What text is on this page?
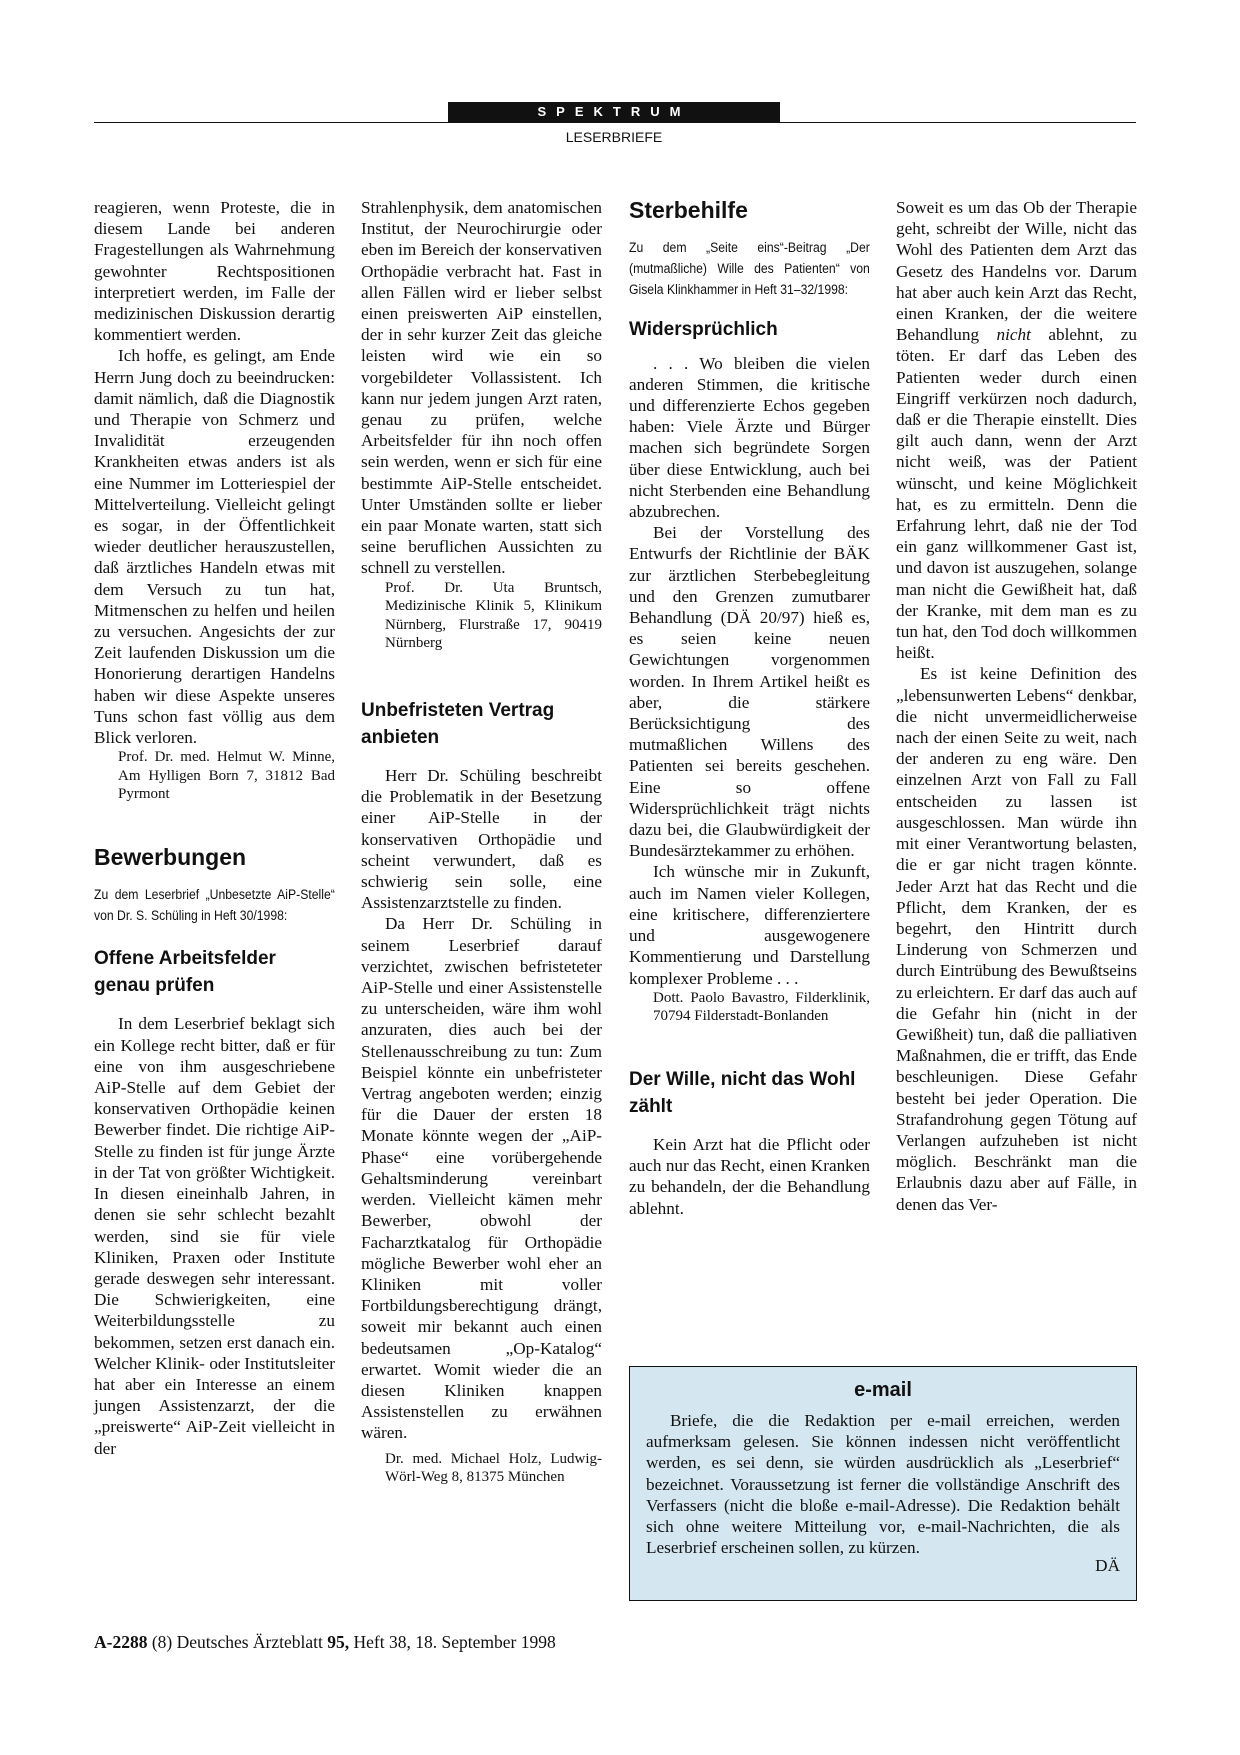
SPEKTRUM
LESERBRIEFE

reagieren, wenn Proteste, die in diesem Lande bei anderen Fragestellungen als Wahrnehmung gewohnter Rechtspositionen interpretiert werden, im Falle der medizinischen Diskussion derartig kommentiert werden.

Ich hoffe, es gelingt, am Ende Herrn Jung doch zu beeindrucken: damit nämlich, daß die Diagnostik und Therapie von Schmerz und Invalidität erzeugenden Krankheiten etwas anders ist als eine Nummer im Lotteriespiel der Mittelverteilung. Vielleicht gelingt es sogar, in der Öffentlichkeit wieder deutlicher herauszustellen, daß ärztliches Handeln etwas mit dem Versuch zu tun hat, Mitmenschen zu helfen und heilen zu versuchen. Angesichts der zur Zeit laufenden Diskussion um die Honorierung derartigen Handelns haben wir diese Aspekte unseres Tuns schon fast völlig aus dem Blick verloren.

Prof. Dr. med. Helmut W. Minne, Am Hylligen Born 7, 31812 Bad Pyrmont

Bewerbungen

Zu dem Leserbrief „Unbesetzte AiP-Stelle“ von Dr. S. Schüling in Heft 30/1998:

Offene Arbeitsfelder genau prüfen

In dem Leserbrief beklagt sich ein Kollege recht bitter, daß er für eine von ihm ausgeschriebene AiP-Stelle auf dem Gebiet der konservativen Orthopädie keinen Bewerber findet. Die richtige AiP-Stelle zu finden ist für junge Ärzte in der Tat von größter Wichtigkeit. In diesen eineinhalb Jahren, in denen sie sehr schlecht bezahlt werden, sind sie für viele Kliniken, Praxen oder Institute gerade deswegen sehr interessant. Die Schwierigkeiten, eine Weiterbildungsstelle zu bekommen, setzen erst danach ein. Welcher Klinik- oder Institutsleiter hat aber ein Interesse an einem jungen Assistenzarzt, der die „preiswerte“ AiP-Zeit vielleicht in der

Strahlenphysik, dem anatomischen Institut, der Neurochirurgie oder eben im Bereich der konservativen Orthopädie verbracht hat. Fast in allen Fällen wird er lieber selbst einen preiswerten AiP einstellen, der in sehr kurzer Zeit das gleiche leisten wird wie ein so vorgebildeter Vollassistent. Ich kann nur jedem jungen Arzt raten, genau zu prüfen, welche Arbeitsfelder für ihn noch offen sein werden, wenn er sich für eine bestimmte AiP-Stelle entscheidet. Unter Umständen sollte er lieber ein paar Monate warten, statt sich seine beruflichen Aussichten zu schnell zu verstellen.

Prof. Dr. Uta Bruntsch, Medizinische Klinik 5, Klinikum Nürnberg, Flurstraße 17, 90419 Nürnberg

Unbefristeten Vertrag anbieten

Herr Dr. Schüling beschreibt die Problematik in der Besetzung einer AiP-Stelle in der konservativen Orthopädie und scheint verwundert, daß es schwierig sein solle, eine Assistenzarztstelle zu finden.

Da Herr Dr. Schüling in seinem Leserbrief darauf verzichtet, zwischen befristeteter AiP-Stelle und einer Assistenstelle zu unterscheiden, wäre ihm wohl anzuraten, dies auch bei der Stellenausschreibung zu tun: Zum Beispiel könnte ein unbefristeter Vertrag angeboten werden; einzig für die Dauer der ersten 18 Monate könnte wegen der „AiP-Phase“ eine vorübergehende Gehaltsminderung vereinbart werden. Vielleicht kämen mehr Bewerber, obwohl der Facharztkatalog für Orthopädie mögliche Bewerber wohl eher an Kliniken mit voller Fortbildungsberechtigung drängt, soweit mir bekannt auch einen bedeutsamen „Op-Katalog“ erwartet. Womit wieder die an diesen Kliniken knappen Assistenstellen zu erwähnen wären.

Dr. med. Michael Holz, Ludwig-Wörl-Weg 8, 81375 München

Sterbehilfe

Zu dem „Seite eins“-Beitrag „Der (mutmaßliche) Wille des Patienten“ von Gisela Klinkhammer in Heft 31–32/1998:

Widersprüchlich

. . . Wo bleiben die vielen anderen Stimmen, die kritische und differenzierte Echos gegeben haben: Viele Ärzte und Bürger machen sich begründete Sorgen über diese Entwicklung, auch bei nicht Sterbenden eine Behandlung abzubrechen.

Bei der Vorstellung des Entwurfs der Richtlinie der BÄK zur ärztlichen Sterbebegleitung und den Grenzen zumutbarer Behandlung (DÄ 20/97) hieß es, es seien keine neuen Gewichtungen vorgenommen worden. In Ihrem Artikel heißt es aber, die stärkere Berücksichtigung des mutmaßlichen Willens des Patienten sei bereits geschehen. Eine so offene Widersprüchlichkeit trägt nichts dazu bei, die Glaubwürdigkeit der Bundesärztekammer zu erhöhen.

Ich wünsche mir in Zukunft, auch im Namen vieler Kollegen, eine kritischere, differenziertere und ausgewogenere Kommentierung und Darstellung komplexer Probleme . . .

Dott. Paolo Bavastro, Filderklinik, 70794 Filderstadt-Bonlanden

Der Wille, nicht das Wohl zählt

Kein Arzt hat die Pflicht oder auch nur das Recht, einen Kranken zu behandeln, der die Behandlung ablehnt.

Soweit es um das Ob der Therapie geht, schreibt der Wille, nicht das Wohl des Patienten dem Arzt das Gesetz des Handelns vor. Darum hat aber auch kein Arzt das Recht, einen Kranken, der die weitere Behandlung nicht ablehnt, zu töten. Er darf das Leben des Patienten weder durch einen Eingriff verkürzen noch dadurch, daß er die Therapie einstellt. Dies gilt auch dann, wenn der Arzt nicht weiß, was der Patient wünscht, und keine Möglichkeit hat, es zu ermitteln. Denn die Erfahrung lehrt, daß nie der Tod ein ganz willkommener Gast ist, und davon ist auszugehen, solange man nicht die Gewißheit hat, daß der Kranke, mit dem man es zu tun hat, den Tod doch willkommen heißt.

Es ist keine Definition des „lebensunwerten Lebens“ denkbar, die nicht unvermeidlicherweise nach der einen Seite zu weit, nach der anderen zu eng wäre. Den einzelnen Arzt von Fall zu Fall entscheiden zu lassen ist ausgeschlossen. Man würde ihn mit einer Verantwortung belasten, die er gar nicht tragen könnte. Jeder Arzt hat das Recht und die Pflicht, dem Kranken, der es begehrt, den Hintritt durch Linderung von Schmerzen und durch Eintrübung des Bewußtseins zu erleichtern. Er darf das auch auf die Gefahr hin (nicht in der Gewißheit) tun, daß die palliativen Maßnahmen, die er trifft, das Ende beschleunigen. Diese Gefahr besteht bei jeder Operation. Die Strafandrohung gegen Tötung auf Verlangen aufzuheben ist nicht möglich. Beschränkt man die Erlaubnis dazu aber auf Fälle, in denen das Ver-

e-mail

Briefe, die die Redaktion per e-mail erreichen, werden aufmerksam gelesen. Sie können indessen nicht veröffentlicht werden, es sei denn, sie würden ausdrücklich als „Leserbrief“ bezeichnet. Voraussetzung ist ferner die vollständige Anschrift des Verfassers (nicht die bloße e-mail-Adresse). Die Redaktion behält sich ohne weitere Mitteilung vor, e-mail-Nachrichten, die als Leserbrief erscheinen sollen, zu kürzen.

DÄ
A-2288 (8) Deutsches Ärzteblatt 95, Heft 38, 18. September 1998
